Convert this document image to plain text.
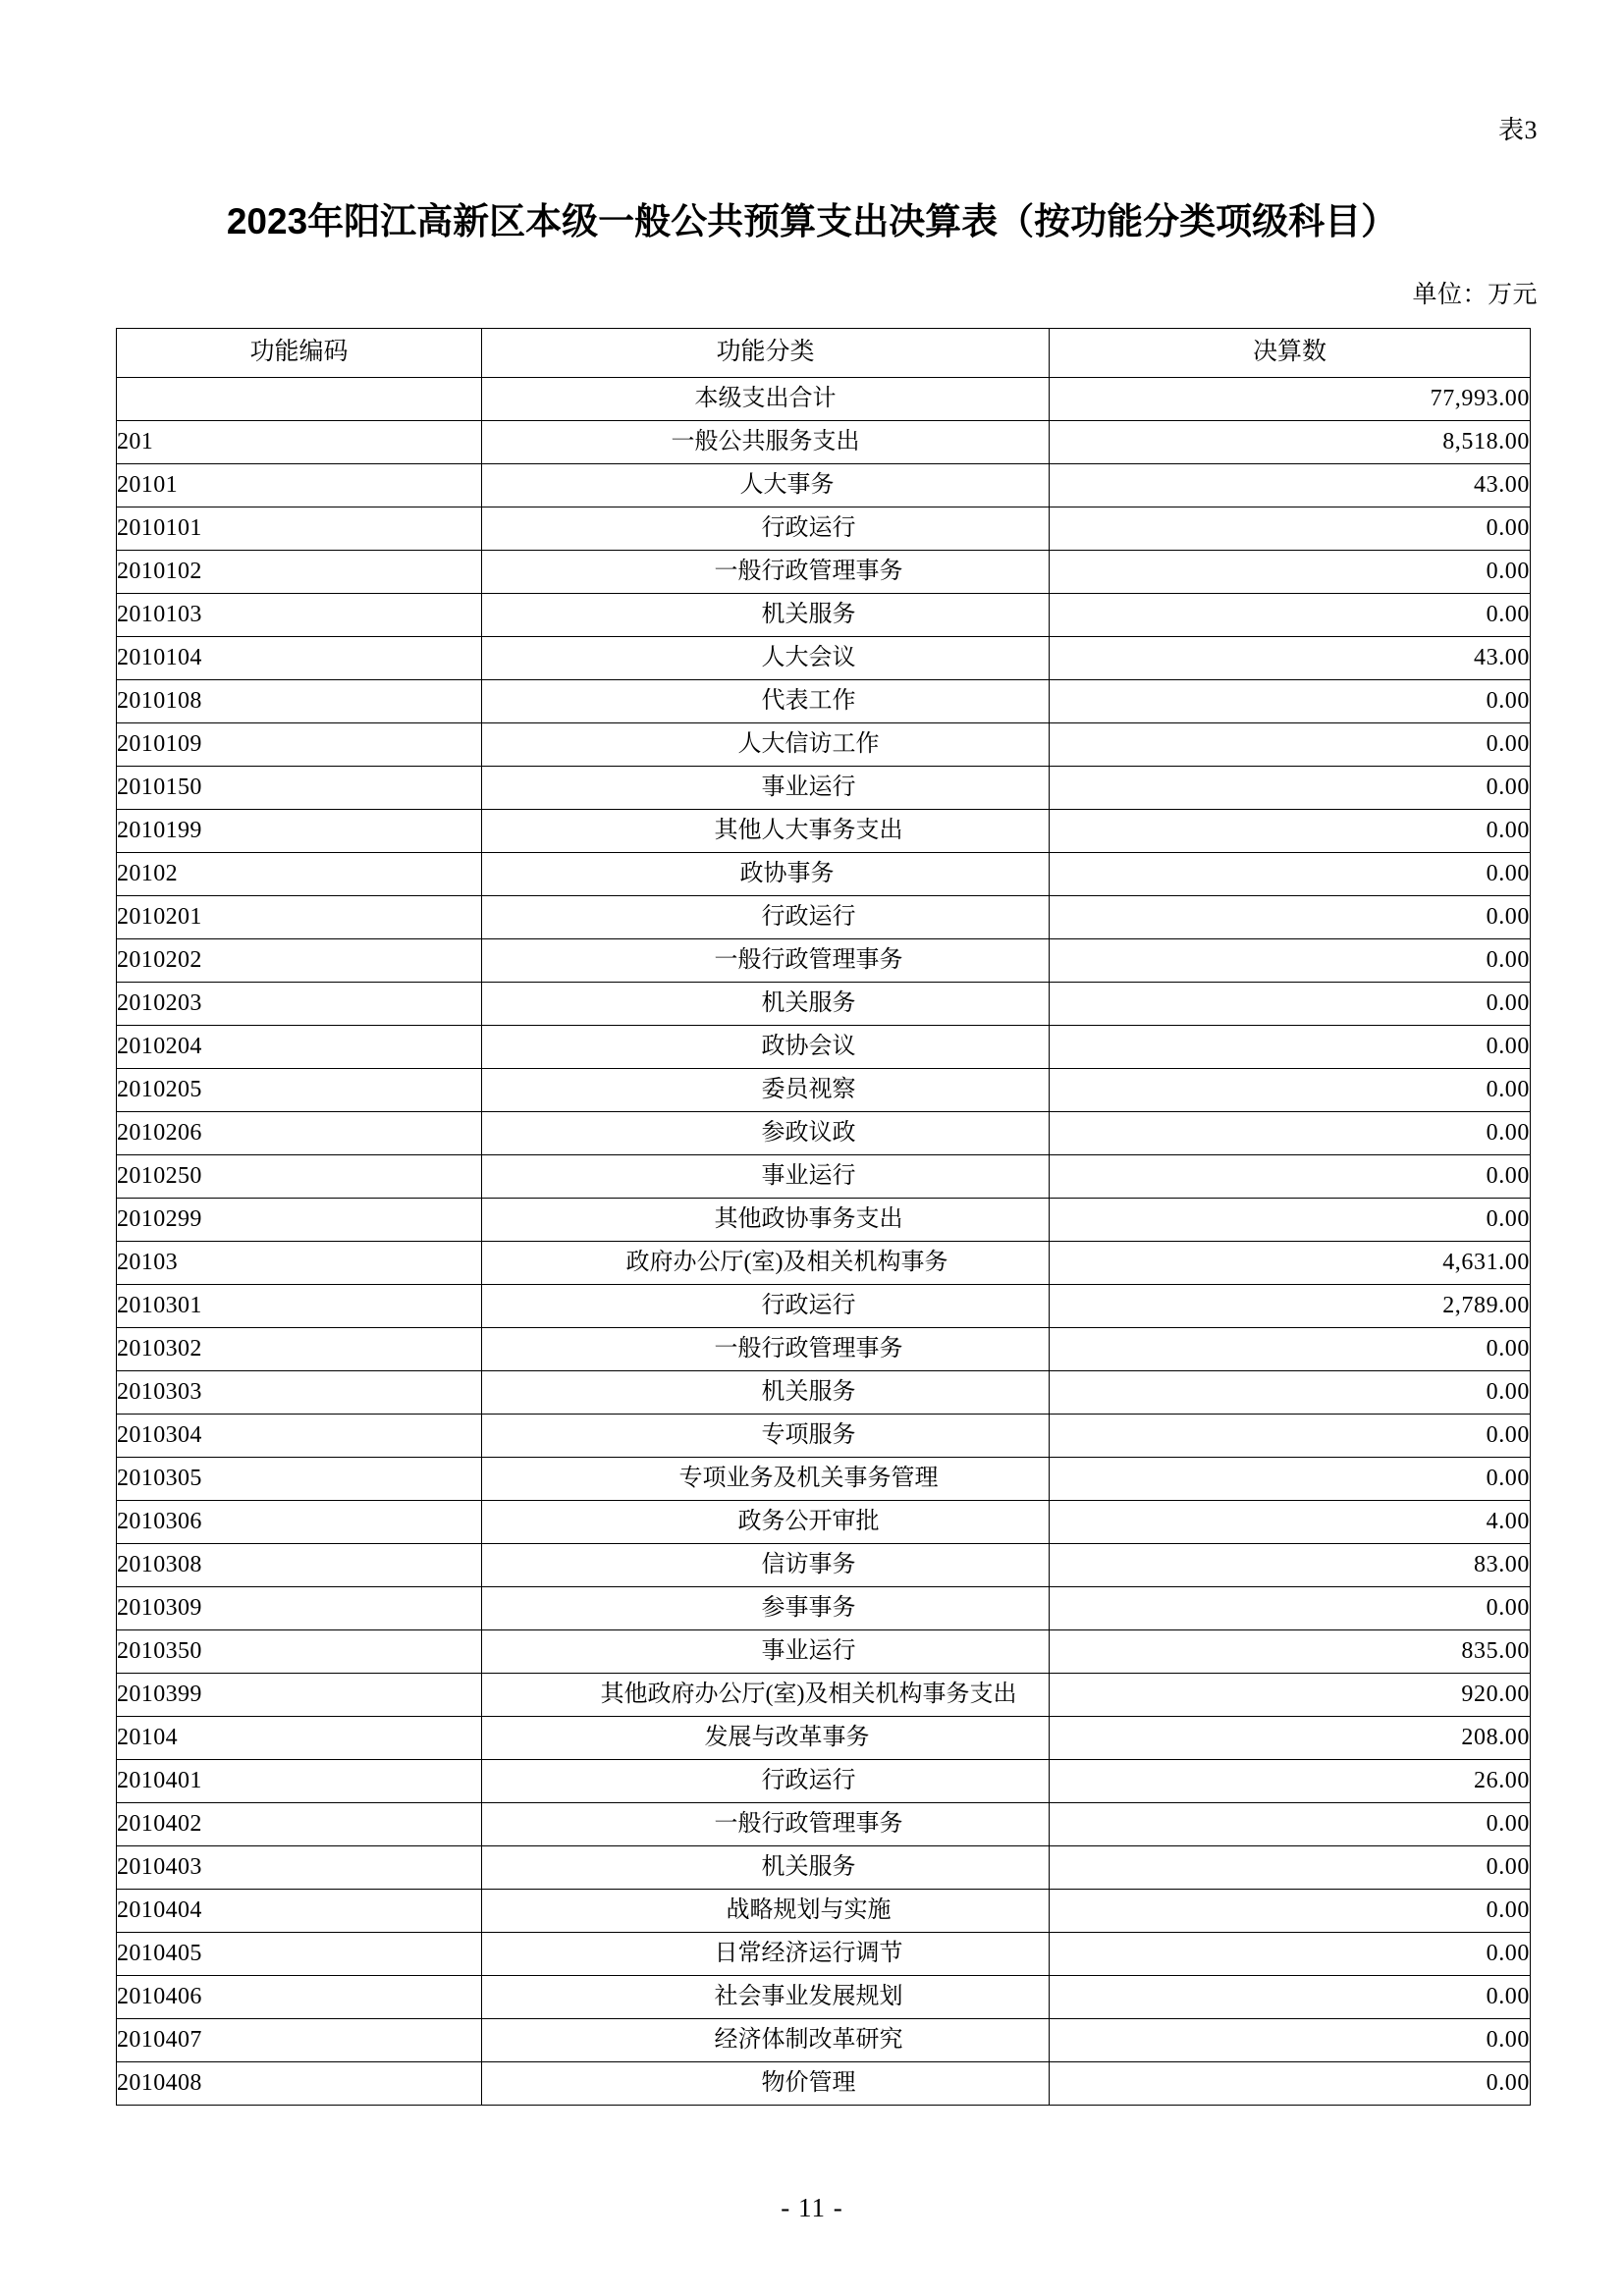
表3
2023年阳江高新区本级一般公共预算支出决算表（按功能分类项级科目）
单位：万元
功能编码	功能分类	决算数
	本级支出合计	77,993.00
201	一般公共服务支出	8,518.00
20101	人大事务	43.00
2010101	行政运行	0.00
2010102	一般行政管理事务	0.00
2010103	机关服务	0.00
2010104	人大会议	43.00
2010108	代表工作	0.00
2010109	人大信访工作	0.00
2010150	事业运行	0.00
2010199	其他人大事务支出	0.00
20102	政协事务	0.00
2010201	行政运行	0.00
2010202	一般行政管理事务	0.00
2010203	机关服务	0.00
2010204	政协会议	0.00
2010205	委员视察	0.00
2010206	参政议政	0.00
2010250	事业运行	0.00
2010299	其他政协事务支出	0.00
20103	政府办公厅(室)及相关机构事务	4,631.00
2010301	行政运行	2,789.00
2010302	一般行政管理事务	0.00
2010303	机关服务	0.00
2010304	专项服务	0.00
2010305	专项业务及机关事务管理	0.00
2010306	政务公开审批	4.00
2010308	信访事务	83.00
2010309	参事事务	0.00
2010350	事业运行	835.00
2010399	其他政府办公厅(室)及相关机构事务支出	920.00
20104	发展与改革事务	208.00
2010401	行政运行	26.00
2010402	一般行政管理事务	0.00
2010403	机关服务	0.00
2010404	战略规划与实施	0.00
2010405	日常经济运行调节	0.00
2010406	社会事业发展规划	0.00
2010407	经济体制改革研究	0.00
2010408	物价管理	0.00
- 11 -
